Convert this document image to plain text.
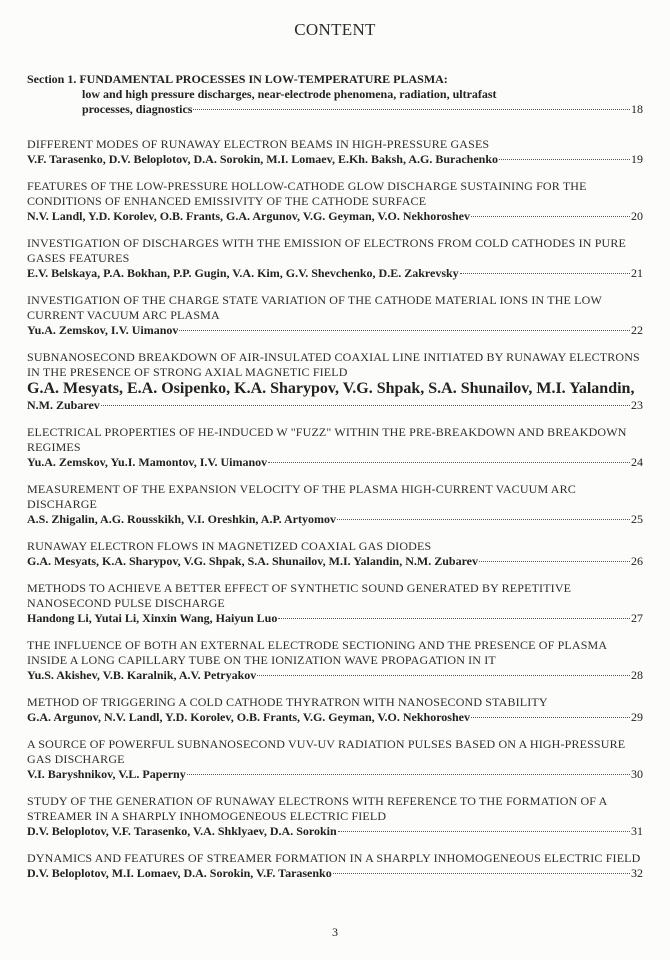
CONTENT
Section 1. FUNDAMENTAL PROCESSES IN LOW-TEMPERATURE PLASMA:
low and high pressure discharges, near-electrode phenomena, radiation, ultrafast
processes, diagnostics	18
DIFFERENT MODES OF RUNAWAY ELECTRON BEAMS IN HIGH-PRESSURE GASES
V.F. Tarasenko, D.V. Beloplotov, D.A. Sorokin, M.I. Lomaev, E.Kh. Baksh, A.G. Burachenko	19
FEATURES OF THE LOW-PRESSURE HOLLOW-CATHODE GLOW DISCHARGE SUSTAINING FOR THE CONDITIONS OF ENHANCED EMISSIVITY OF THE CATHODE SURFACE
N.V. Landl, Y.D. Korolev, O.B. Frants, G.A. Argunov, V.G. Geyman, V.O. Nekhoroshev	20
INVESTIGATION OF DISCHARGES WITH THE EMISSION OF ELECTRONS FROM COLD CATHODES IN PURE GASES FEATURES
E.V. Belskaya, P.A. Bokhan, P.P. Gugin, V.A. Kim, G.V. Shevchenko, D.E. Zakrevsky	21
INVESTIGATION OF THE CHARGE STATE VARIATION OF THE CATHODE MATERIAL IONS IN THE LOW CURRENT VACUUM ARC PLASMA
Yu.A. Zemskov, I.V. Uimanov	22
SUBNANOSECOND BREAKDOWN OF AIR-INSULATED COAXIAL LINE INITIATED BY RUNAWAY ELECTRONS IN THE PRESENCE OF STRONG AXIAL MAGNETIC FIELD
G.A. Mesyats, E.A. Osipenko, K.A. Sharypov, V.G. Shpak, S.A. Shunailov, M.I. Yalandin,
N.M. Zubarev	23
ELECTRICAL PROPERTIES OF HE-INDUCED W "FUZZ" WITHIN THE PRE-BREAKDOWN AND BREAKDOWN REGIMES
Yu.A. Zemskov, Yu.I. Mamontov, I.V. Uimanov	24
MEASUREMENT OF THE EXPANSION VELOCITY OF THE PLASMA HIGH-CURRENT VACUUM ARC DISCHARGE
A.S. Zhigalin, A.G. Rousskikh, V.I. Oreshkin, A.P. Artyomov	25
RUNAWAY ELECTRON FLOWS IN MAGNETIZED COAXIAL GAS DIODES
G.A. Mesyats, K.A. Sharypov, V.G. Shpak, S.A. Shunailov, M.I. Yalandin, N.M. Zubarev	26
METHODS TO ACHIEVE A BETTER EFFECT OF SYNTHETIC SOUND GENERATED BY REPETITIVE NANOSECOND PULSE DISCHARGE
Handong Li, Yutai Li, Xinxin Wang, Haiyun Luo	27
THE INFLUENCE OF BOTH AN EXTERNAL ELECTRODE SECTIONING AND THE PRESENCE OF PLASMA INSIDE A LONG CAPILLARY TUBE ON THE IONIZATION WAVE PROPAGATION IN IT
Yu.S. Akishev, V.B. Karalnik, A.V. Petryakov	28
METHOD OF TRIGGERING A COLD CATHODE THYRATRON WITH NANOSECOND STABILITY
G.A. Argunov, N.V. Landl, Y.D. Korolev, O.B. Frants, V.G. Geyman, V.O. Nekhoroshev	29
A SOURCE OF POWERFUL SUBNANOSECOND VUV-UV RADIATION PULSES BASED ON A HIGH-PRESSURE GAS DISCHARGE
V.I. Baryshnikov, V.L. Paperny	30
STUDY OF THE GENERATION OF RUNAWAY ELECTRONS WITH REFERENCE TO THE FORMATION OF A STREAMER IN A SHARPLY INHOMOGENEOUS ELECTRIC FIELD
D.V. Beloplotov, V.F. Tarasenko, V.A. Shklyaev, D.A. Sorokin	31
DYNAMICS AND FEATURES OF STREAMER FORMATION IN A SHARPLY INHOMOGENEOUS ELECTRIC FIELD
D.V. Beloplotov, M.I. Lomaev, D.A. Sorokin, V.F. Tarasenko	32
3
